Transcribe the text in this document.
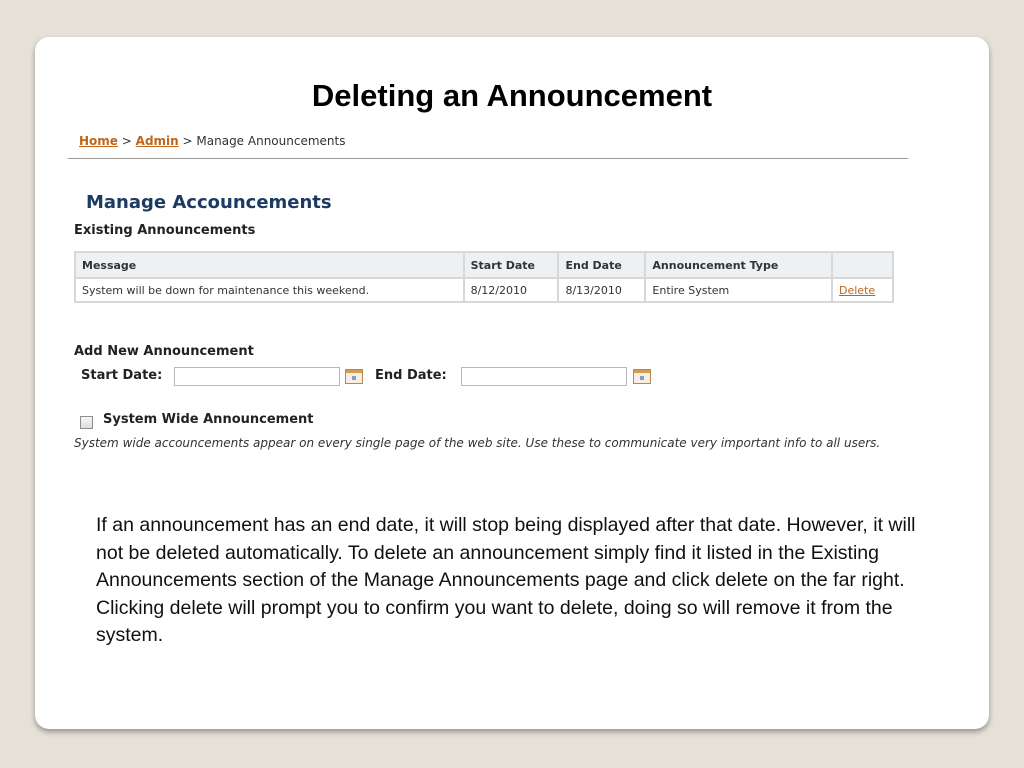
Deleting an Announcement
Home > Admin > Manage Announcements
Manage Accouncements
Existing Announcements
Message	Start Date	End Date	Announcement Type	
System will be down for maintenance this weekend.	8/12/2010	8/13/2010	Entire System	Delete
Add New Announcement
Start Date:	End Date:
System Wide Announcement
System wide accouncements appear on every single page of the web site. Use these to communicate very important info to all users.

If an announcement has an end date, it will stop being displayed after that date. However, it will not be deleted automatically. To delete an announcement simply find it listed in the Existing Announcements section of the Manage Announcements page and click delete on the far right.

Clicking delete will prompt you to confirm you want to delete, doing so will remove it from the system.
